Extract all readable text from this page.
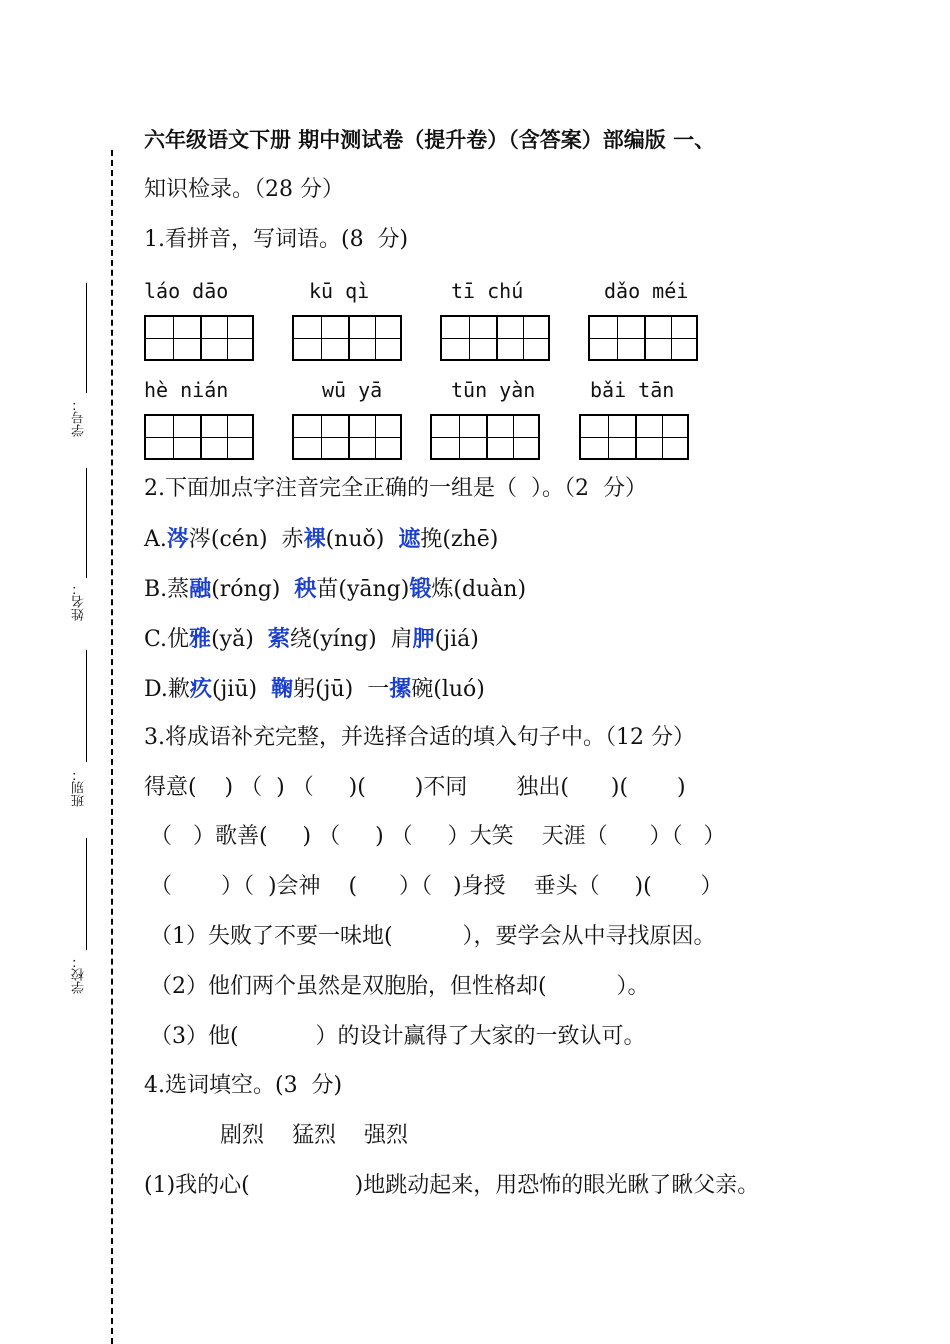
学号：
姓名：
班别：
学校：
六年级语文下册 期中测试卷（提升卷）（含答案）部编版 一、
知识检录。（28 分）
1.看拼音，写词语。(8  分)
láo dāo	kū qì	tī chú	dǎo méi
hè nián	wū yā	tūn yàn	bǎi tān
2.下面加点字注音完全正确的一组是（  ）。（2  分）
A.涔涔(cén)  赤裸(nuǒ)  遮挽(zhē)
B.蒸融(róng)  秧苗(yāng)锻炼(duàn)
C.优雅(yǎ)  萦绕(yíng)  肩胛(jiá)
D.歉疚(jiū)  鞠躬(jū)  一摞碗(luó)
3.将成语补充完整，并选择合适的填入句子中。（12 分）
得意(    ) （  ) （     )(       )不同       独出(      )(       )
（   ）歌善(     ) （     ) （     ）大笑    天涯（      ）（   ）
（       ）（  )会神    (      ）（   )身授    垂头（     )(       ）
（1）失败了不要一味地(          ），要学会从中寻找原因。
（2）他们两个虽然是双胞胎，但性格却(          ）。
（3）他(           ）的设计赢得了大家的一致认可。
4.选词填空。(3  分)
剧烈    猛烈    强烈
(1)我的心(               )地跳动起来，用恐怖的眼光瞅了瞅父亲。
